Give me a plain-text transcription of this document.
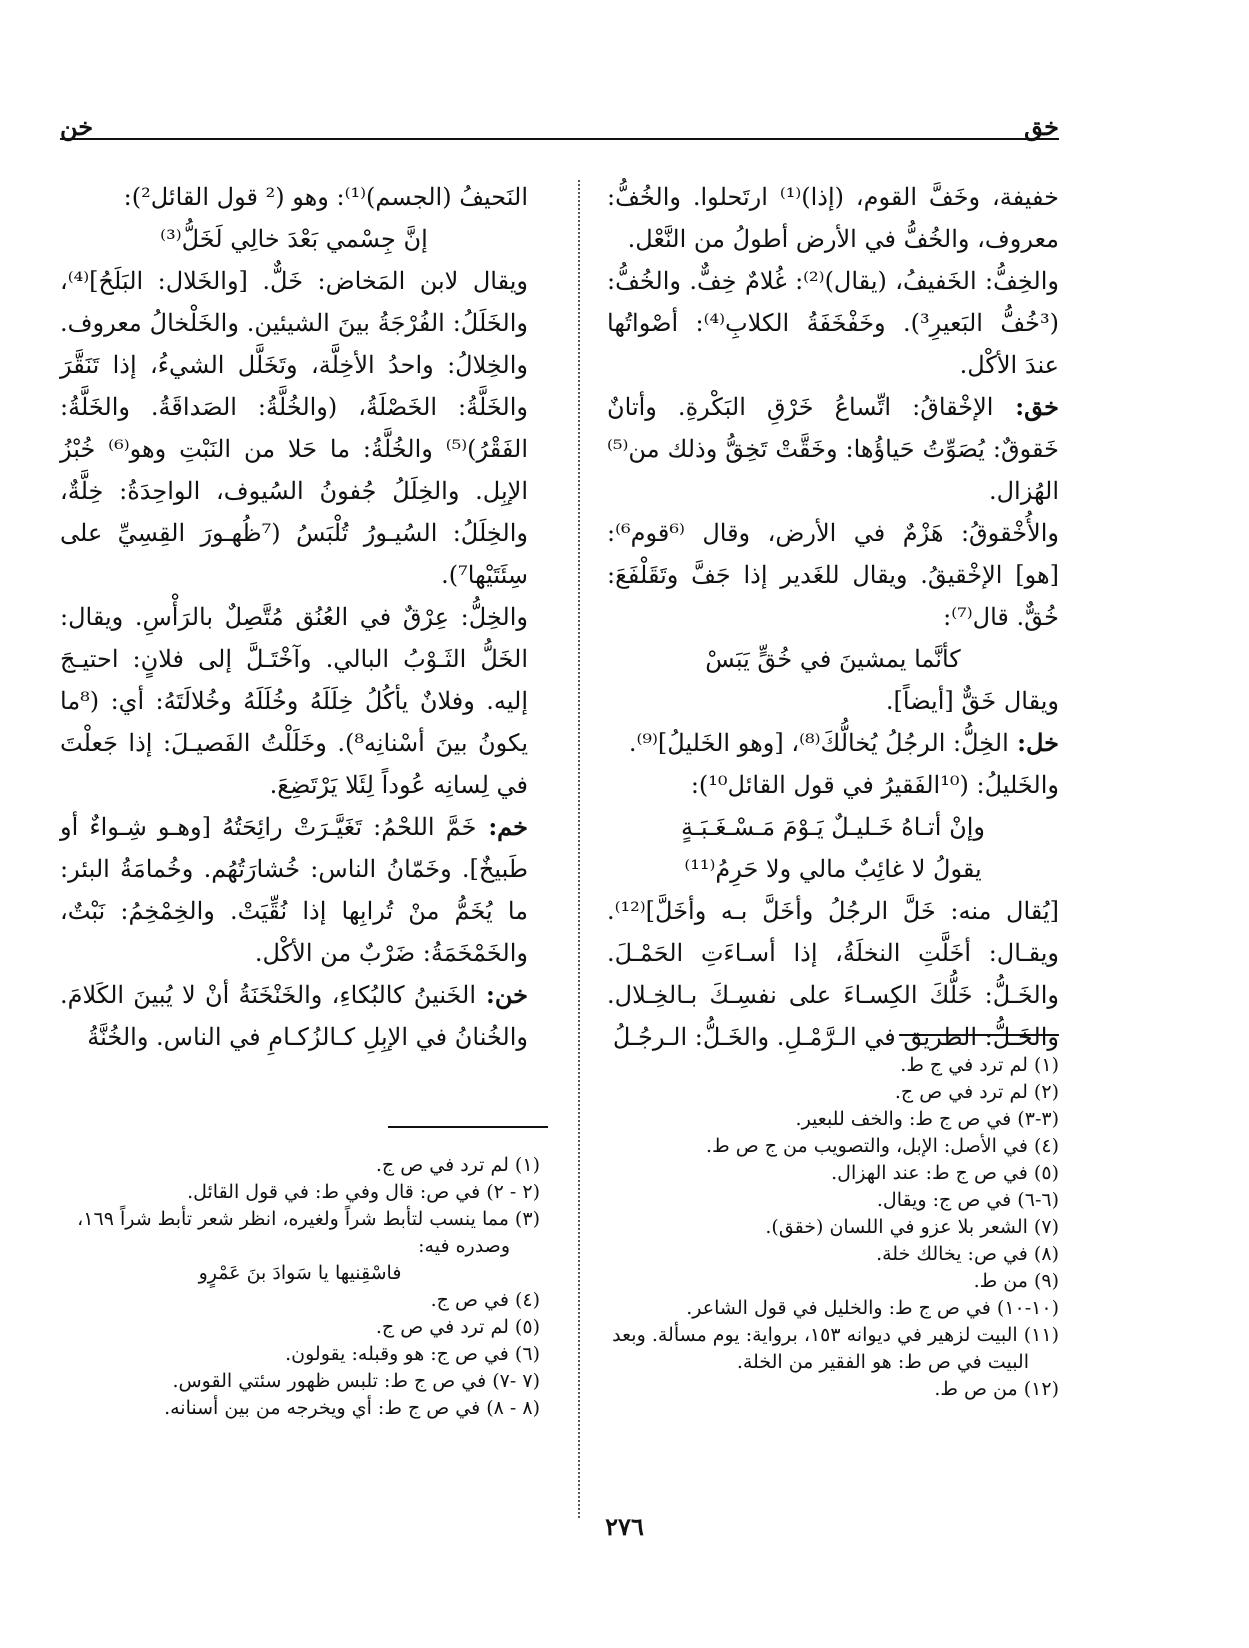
خق
خن

خفيفة، وخَفَّ القوم، (إذا)⁽¹⁾ ارتَحلوا. والخُفُّ: معروف، والخُفُّ في الأرض أطولُ من النَّعْل.

والخِفُّ: الخَفيفُ، (يقال)⁽²⁾: غُلامٌ خِفٌّ. والخُفُّ: (³خُفُّ البَعيرِ³). وخَفْخَفَةُ الكلابِ⁽⁴⁾: أصْواتُها عندَ الأكْل.

خق: الإخْقاقُ: اتِّساعُ خَرْقِ البَكْرةِ. وأتانٌ خَقوقٌ: يُصَوِّتُ حَياؤُها: وخَقَّتْ تَخِقُّ وذلك من⁽⁵⁾ الهُزال.

والأُخْقوقُ: هَزْمٌ في الأرض، وقال ⁽⁶قوم⁶⁾: [هو] الإخْقيقُ. ويقال للغَدير إذا جَفَّ وتَقَلْفَعَ: خُقٌّ. قال⁽⁷⁾:

كأنَّما يمشينَ في خُقٍّ يَبَسْ

ويقال خَقٌّ [أيضاً].

خل: الخِلُّ: الرجُلُ يُخالُّكَ⁽⁸⁾، [وهو الخَليلُ]⁽⁹⁾.

والخَليلُ: (¹⁰الفَقيرُ في قول القائل¹⁰):

وإنْ أتـاهُ خَـليـلٌ يَـوْمَ مَـسْـغَـبَـةٍ

يقولُ لا غائِبٌ مالي ولا حَرِمُ⁽¹¹⁾

[يُقال منه: خَلَّ الرجُلُ وأخَلَّ بـه وأخَلَّ]⁽¹²⁾. ويقـال: أخَلَّتِ النخلَةُ، إذا أسـاءَتِ الحَمْـلَ. والخَـلُّ: خَلُّكَ الكِسـاءَ على نفسِـكَ بـالخِـلال. والخَـلُّ: الطريق في الـرَّمْـلِ. والخَـلُّ: الـرجُـلُ

النَحيفُ (الجسم)⁽¹⁾: وهو (² قول القائل²):

إنَّ جِسْمي بَعْدَ خالِي لَخَلُّ⁽³⁾

ويقال لابن المَخاض: خَلٌّ. [والخَلال: البَلَحُ]⁽⁴⁾، والخَلَلُ: الفُرْجَةُ بينَ الشيئين. والخَلْخالُ معروف. والخِلالُ: واحدُ الأخِلَّة، وتَخَلَّل الشيءُ، إذا تَنَقَّرَ والخَلَّةُ: الخَصْلَةُ، (والخُلَّةُ: الصَداقَةُ. والخَلَّةُ: الفَقْرُ)⁽⁵⁾ والخُلَّةُ: ما حَلا من النَبْتِ وهو⁽⁶⁾ خُبْزُ الإبِل. والخِلَلُ جُفونُ السُيوف، الواحِدَةُ: خِلَّةٌ، والخِلَلُ: السُيـورُ تُلْبَسُ (⁷ظُهـورَ القِسِيِّ على سِئَتَيْها⁷).

والخِلُّ: عِرْقٌ في العُنُق مُتَّصِلٌ بالرَأْسِ. ويقال: الخَلُّ الثَـوْبُ البالي. وآخْتَـلَّ إلى فلانٍ: احتيـجَ إليه. وفلانٌ يأكُلُ خِلَلَهُ وخُلَلَهُ وخُلالَتَهُ: أي: (⁸ما يكونُ بينَ أسْنانِه⁸). وخَلَلْتُ الفَصيـلَ: إذا جَعلْتَ في لِسانِه عُوداً لِئَلا يَرْتَضِعَ.

خم: خَمَّ اللحْمُ: تَغَيَّـرَتْ رائِحَتُهُ [وهـو شِـواءٌ أو طَبيخٌ]. وخَمّانُ الناس: خُشارَتُهُم. وخُمامَةُ البئر: ما يُخَمُّ منْ تُرابِها إذا نُقِّيَتْ. والخِمْخِمُ: نَبْتٌ، والخَمْخَمَةُ: ضَرْبٌ من الأكْل.

خن: الخَنينُ كالبُكاءِ، والخَنْخَنَةُ أنْ لا يُبينَ الكَلامَ. والخُنانُ في الإبِلِ كـالزُكـامِ في الناس. والخُنَّةُ

(١) لم ترد في ج ط.

(٢) لم ترد في ص ج.

(٣-٣) في ص ج ط: والخف للبعير.

(٤) في الأصل: الإبل، والتصويب من ج ص ط.

(٥) في ص ج ط: عند الهزال.

(٦-٦) في ص ج: ويقال.

(٧) الشعر بلا عزو في اللسان (خقق).

(٨) في ص: يخالك خلة.

(٩) من ط.

(١٠-١٠) في ص ج ط: والخليل في قول الشاعر.

(١١) البيت لزهير في ديوانه ١٥٣، برواية: يوم مسألة. وبعد

البيت في ص ط: هو الفقير من الخلة.

(١٢) من ص ط.

(١) لم ترد في ص ج.

(٢ - ٢) في ص: قال وفي ط: في قول القائل.

(٣) مما ينسب لتأبط شراً ولغيره، انظر شعر تأبط شراً ١٦٩،

وصدره فيه:

فاسْقِنيها يا سَوادَ بنَ عَمْرٍو

(٤) في ص ج.

(٥) لم ترد في ص ج.

(٦) في ص ج: هو وقبله: يقولون.

(٧ -٧) في ص ج ط: تلبس ظهور سئتي القوس.

(٨ - ٨) في ص ج ط: أي ويخرجه من بين أسنانه.

٢٧٦
